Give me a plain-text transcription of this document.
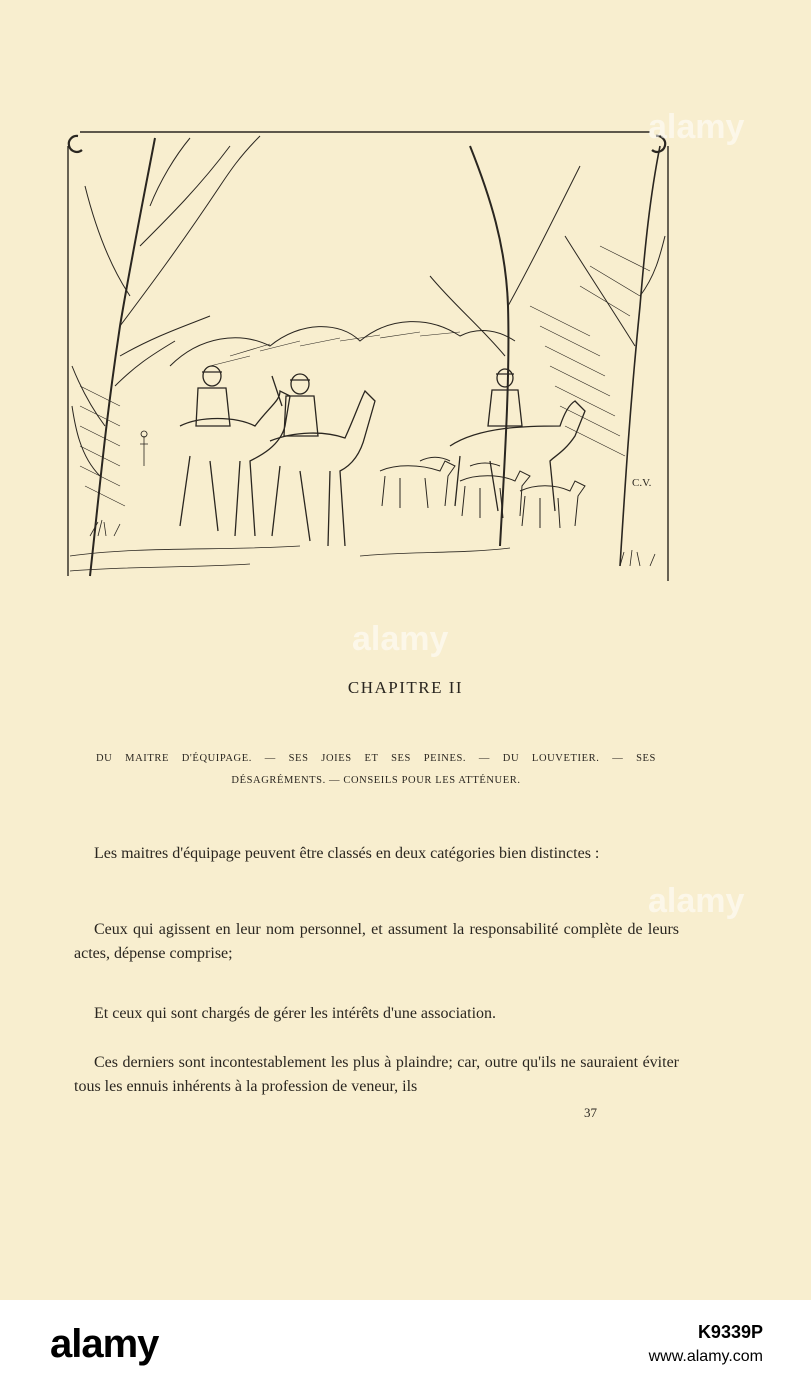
C.V.
CHAPITRE II
DU MAITRE D'ÉQUIPAGE. — SES JOIES ET SES PEINES. — DU LOUVETIER. — SES
DÉSAGRÉMENTS. — CONSEILS POUR LES ATTÉNUER.

Les maitres d'équipage peuvent être classés en deux catégories bien distinctes :

Ceux qui agissent en leur nom personnel, et assument la responsabilité complète de leurs actes, dépense comprise;

Et ceux qui sont chargés de gérer les intérêts d'une association.

Ces derniers sont incontestablement les plus à plaindre; car, outre qu'ils ne sauraient éviter tous les ennuis inhérents à la profession de veneur, ils

37
alamy
alamy
alamy
alamy	K9339P
www.alamy.com
